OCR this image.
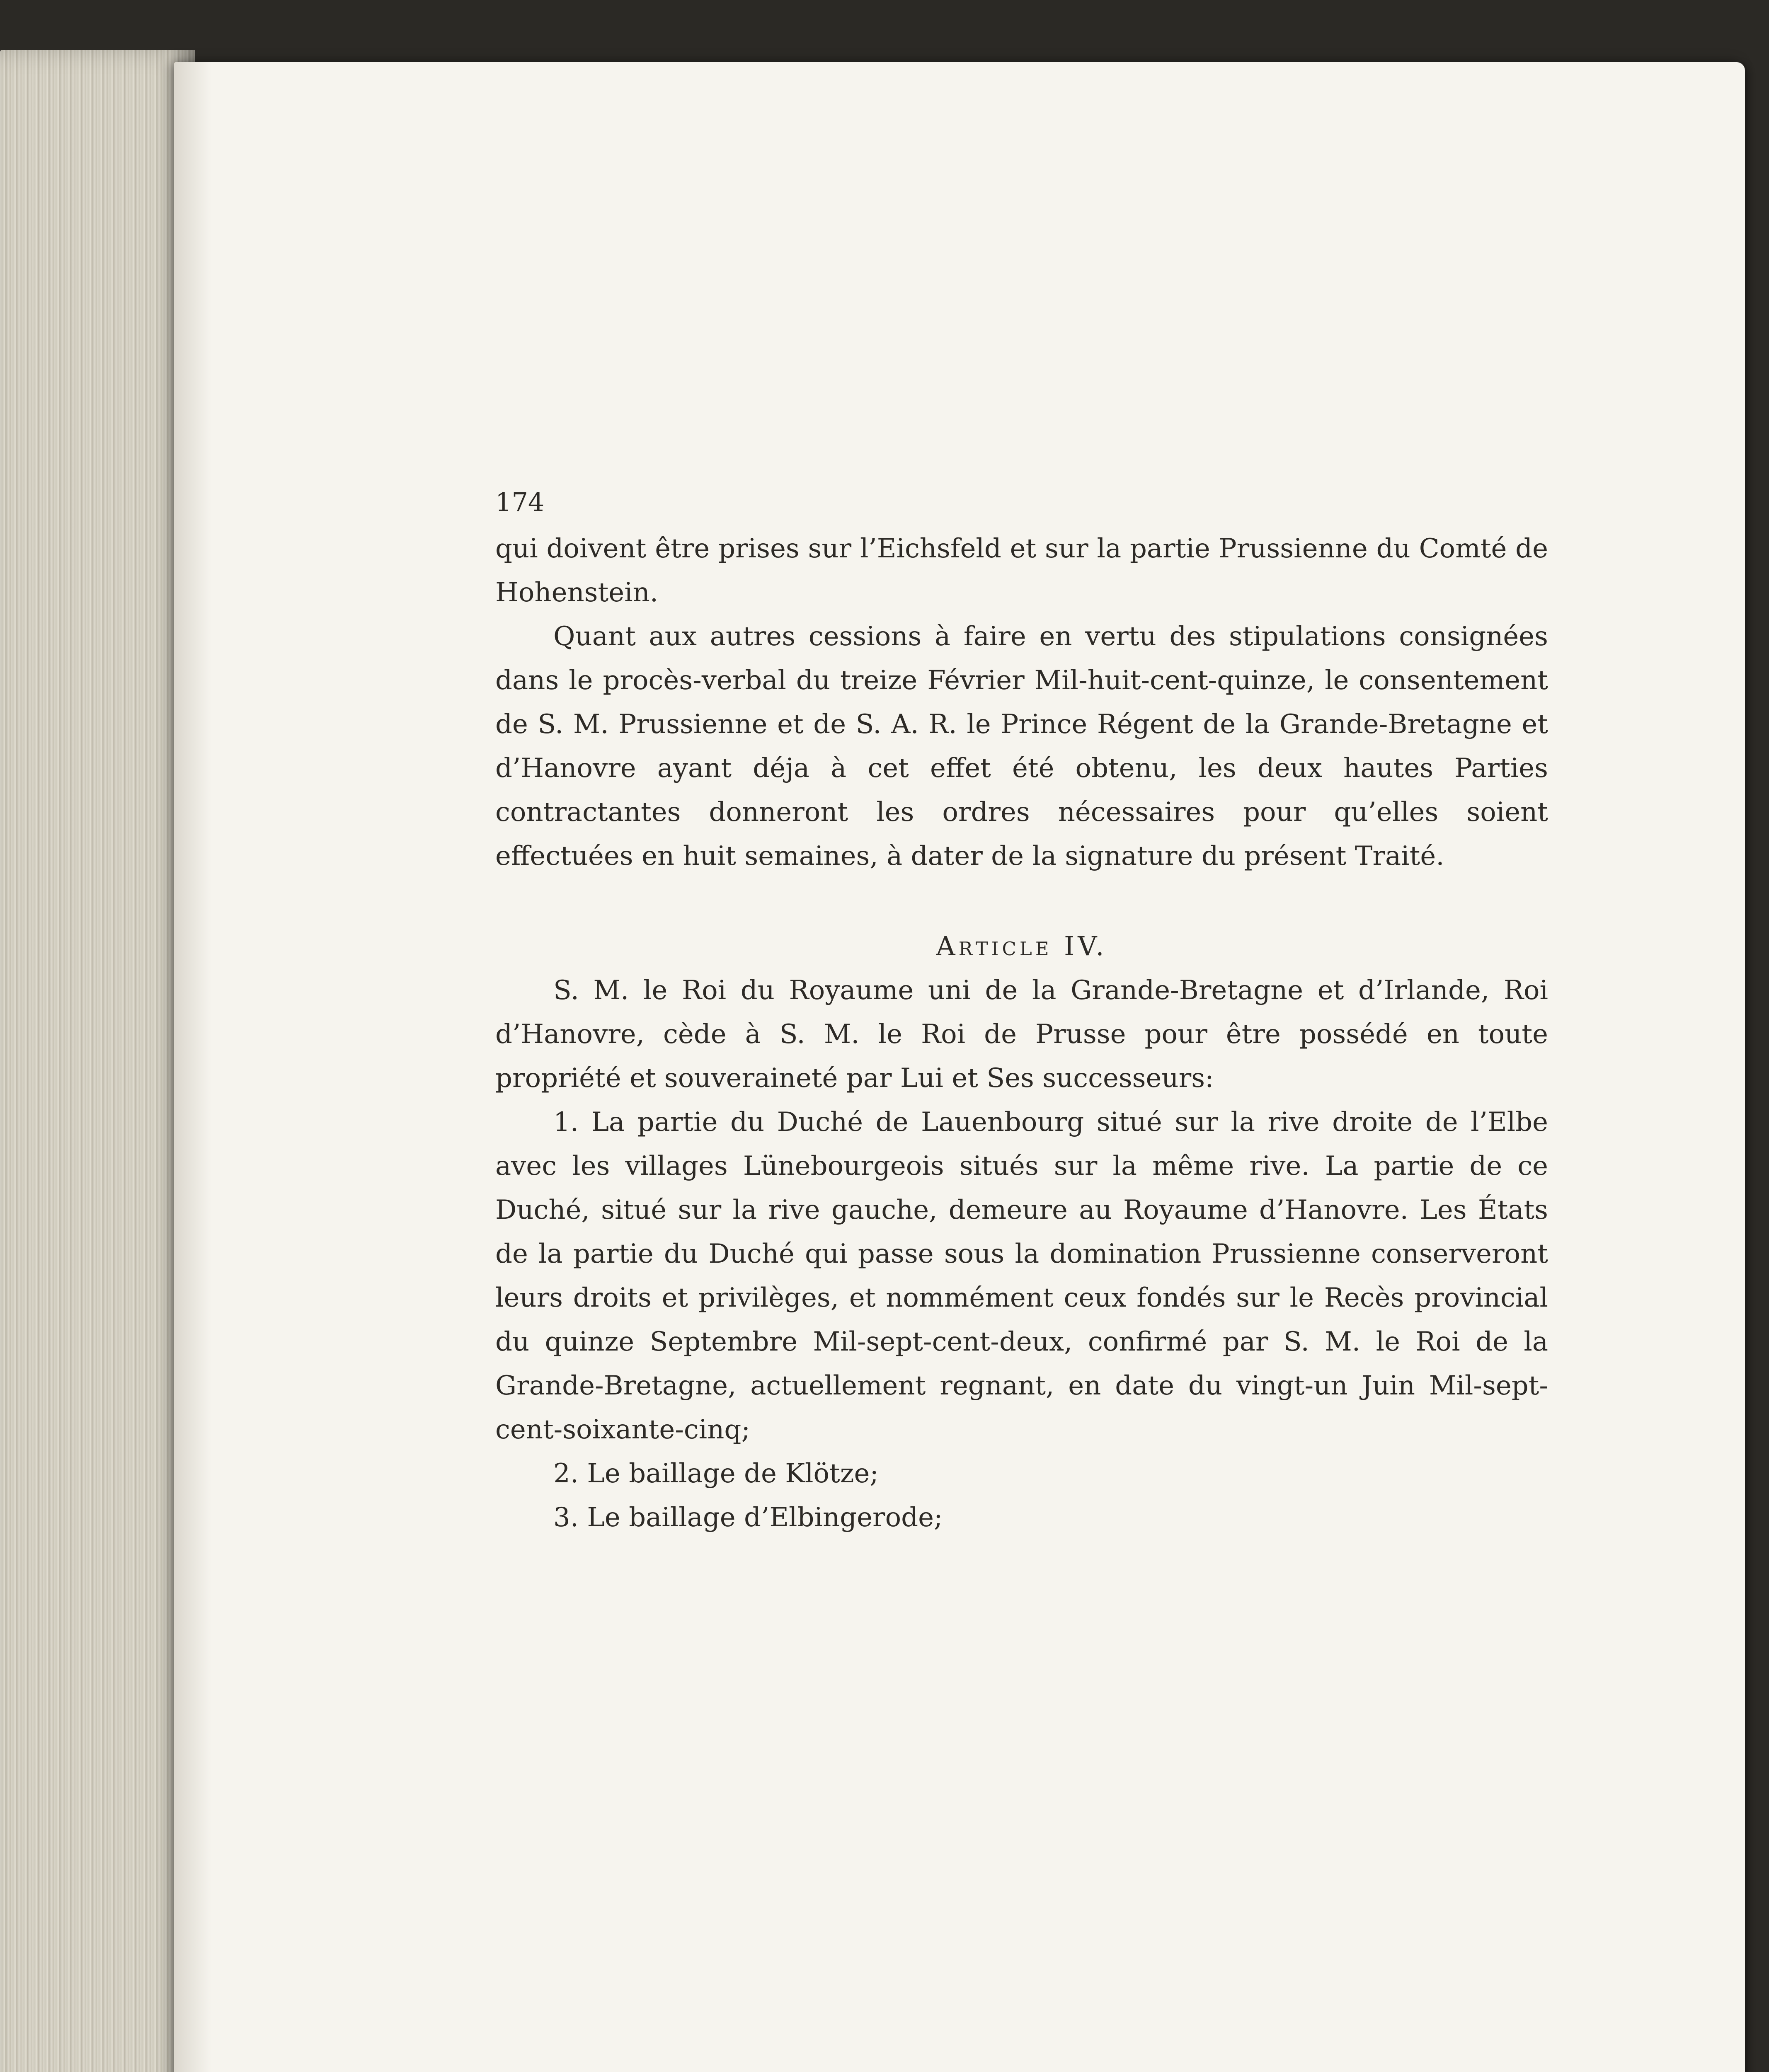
174

qui doivent être prises sur l’Eichsfeld et sur la partie Prussienne du Comté de Hohenstein.

Quant aux autres cessions à faire en vertu des stipulations consignées dans le procès-verbal du treize Février Mil-huit-cent-quinze, le consentement de S. M. Prussienne et de S. A. R. le Prince Régent de la Grande-Bretagne et d’Hanovre ayant déja à cet effet été obtenu, les deux hautes Parties contractantes donneront les ordres nécessaires pour qu’elles soient effectuées en huit semaines, à dater de la signature du présent Traité.

Article IV.

S. M. le Roi du Royaume uni de la Grande-Bretagne et d’Irlande, Roi d’Hanovre, cède à S. M. le Roi de Prusse pour être possédé en toute propriété et souveraineté par Lui et Ses successeurs:

1. La partie du Duché de Lauenbourg situé sur la rive droite de l’Elbe avec les villages Lünebourgeois situés sur la même rive. La partie de ce Duché, situé sur la rive gauche, demeure au Royaume d’Hanovre. Les États de la partie du Duché qui passe sous la domination Prussienne conserveront leurs droits et privilèges, et nommément ceux fondés sur le Recès provincial du quinze Septembre Mil-sept-cent-deux, confirmé par S. M. le Roi de la Grande-Bretagne, actuellement regnant, en date du vingt-un Juin Mil-sept-cent-soixante-cinq;

2. Le baillage de Klötze;

3. Le baillage d’Elbingerode;
